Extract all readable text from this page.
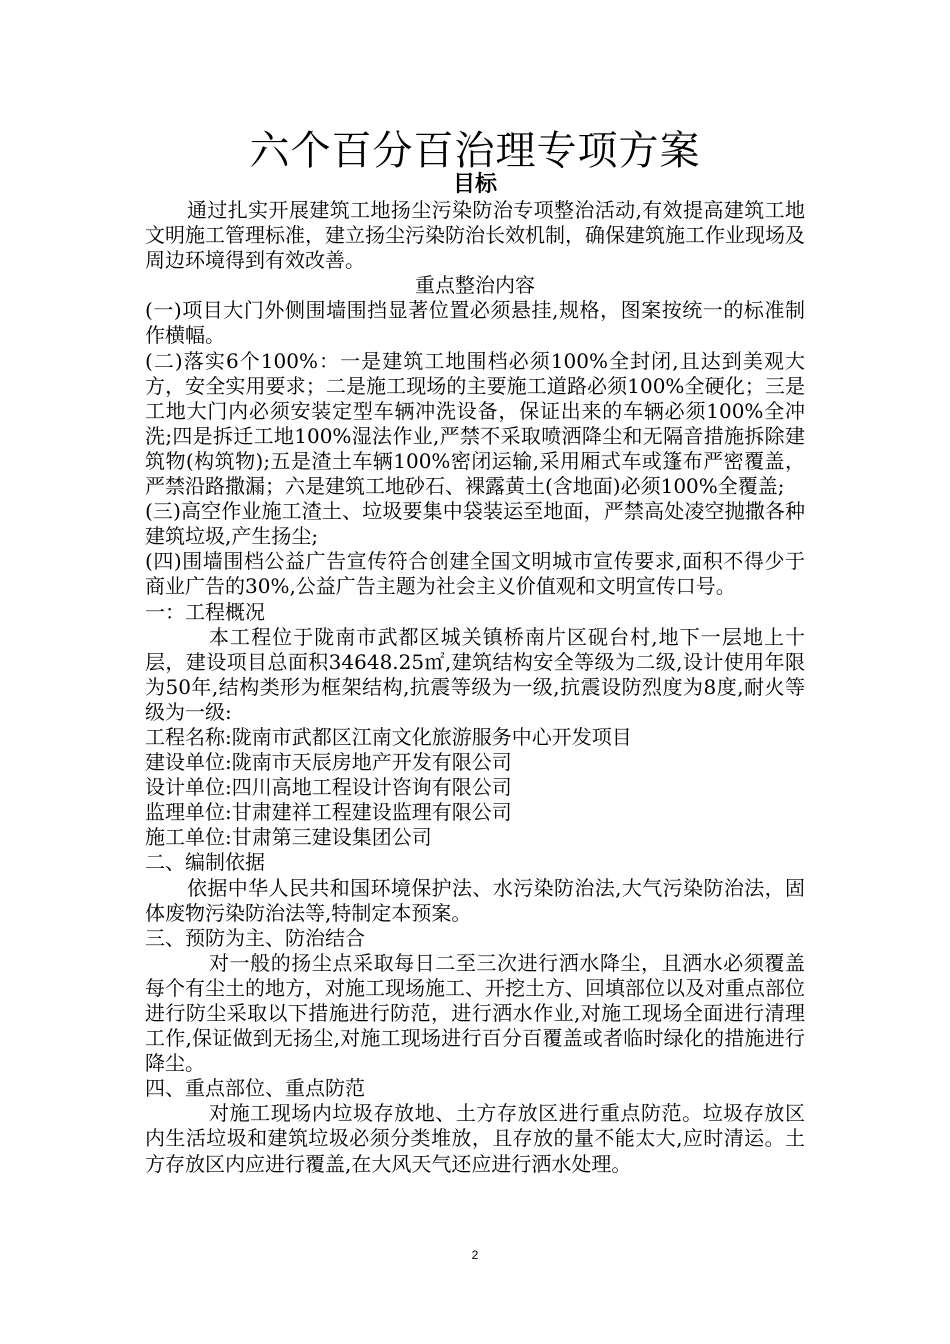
六个百分百治理专项方案
目标

通过扎实开展建筑工地扬尘污染防治专项整治活动,有效提高建筑工地文明施工管理标准，建立扬尘污染防治长效机制，确保建筑施工作业现场及周边环境得到有效改善。

重点整治内容

(一)项目大门外侧围墙围挡显著位置必须悬挂,规格，图案按统一的标准制作横幅。

(二)落实6个100%：一是建筑工地围档必须100%全封闭,且达到美观大方，安全实用要求；二是施工现场的主要施工道路必须100%全硬化；三是工地大门内必须安装定型车辆冲洗设备，保证出来的车辆必须100%全冲洗;四是拆迁工地100%湿法作业,严禁不采取喷洒降尘和无隔音措施拆除建筑物(构筑物);五是渣土车辆100%密闭运输,采用厢式车或篷布严密覆盖，严禁沿路撒漏；六是建筑工地砂石、裸露黄土(含地面)必须100%全覆盖;

(三)高空作业施工渣土、垃圾要集中袋装运至地面，严禁高处凌空抛撒各种建筑垃圾,产生扬尘;

(四)围墙围档公益广告宣传符合创建全国文明城市宣传要求,面积不得少于商业广告的30%,公益广告主题为社会主义价值观和文明宣传口号。

一：工程概况

本工程位于陇南市武都区城关镇桥南片区砚台村,地下一层地上十层，建设项目总面积34648.25㎡,建筑结构安全等级为二级,设计使用年限为50年,结构类形为框架结构,抗震等级为一级,抗震设防烈度为8度,耐火等级为一级:

工程名称:陇南市武都区江南文化旅游服务中心开发项目

建设单位:陇南市天辰房地产开发有限公司

设计单位:四川高地工程设计咨询有限公司

监理单位:甘肃建祥工程建设监理有限公司

施工单位:甘肃第三建设集团公司

二、编制依据

依据中华人民共和国环境保护法、水污染防治法,大气污染防治法，固体废物污染防治法等,特制定本预案。

三、预防为主、防治结合

对一般的扬尘点采取每日二至三次进行洒水降尘，且洒水必须覆盖每个有尘土的地方，对施工现场施工、开挖土方、回填部位以及对重点部位进行防尘采取以下措施进行防范，进行洒水作业,对施工现场全面进行清理工作,保证做到无扬尘,对施工现场进行百分百覆盖或者临时绿化的措施进行降尘。

四、重点部位、重点防范

对施工现场内垃圾存放地、土方存放区进行重点防范。垃圾存放区内生活垃圾和建筑垃圾必须分类堆放，且存放的量不能太大,应时清运。土方存放区内应进行覆盖,在大风天气还应进行洒水处理。

2
